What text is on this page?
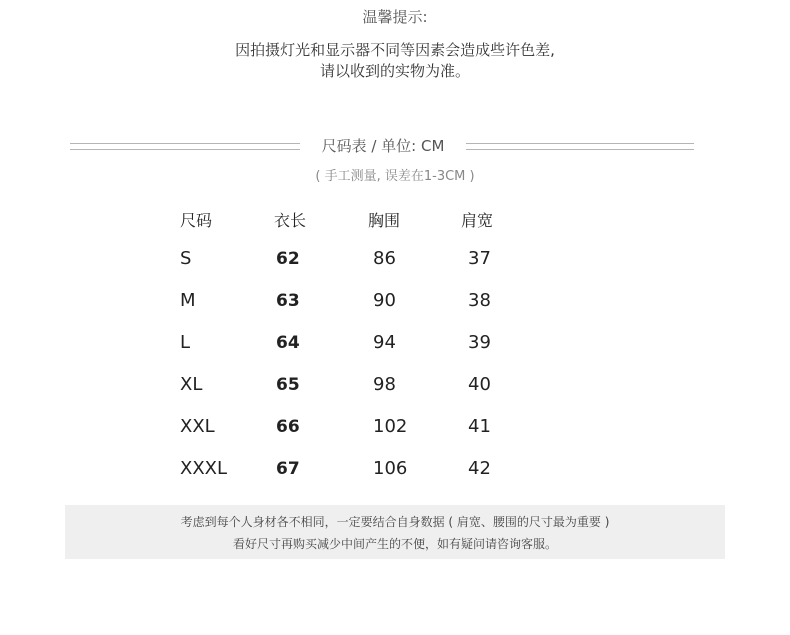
温馨提示:
因拍摄灯光和显示器不同等因素会造成些许色差,
请以收到的实物为准。
尺码表 / 单位: CM
( 手工测量, 误差在1-3CM )
尺码	衣长	胸围	肩宽
S	62	86	37
M	63	90	38
L	64	94	39
XL	65	98	40
XXL	66	102	41
XXXL	67	106	42
考虑到每个人身材各不相同，一定要结合自身数据 ( 肩宽、腰围的尺寸最为重要 )
看好尺寸再购买减少中间产生的不便，如有疑问请咨询客服。
